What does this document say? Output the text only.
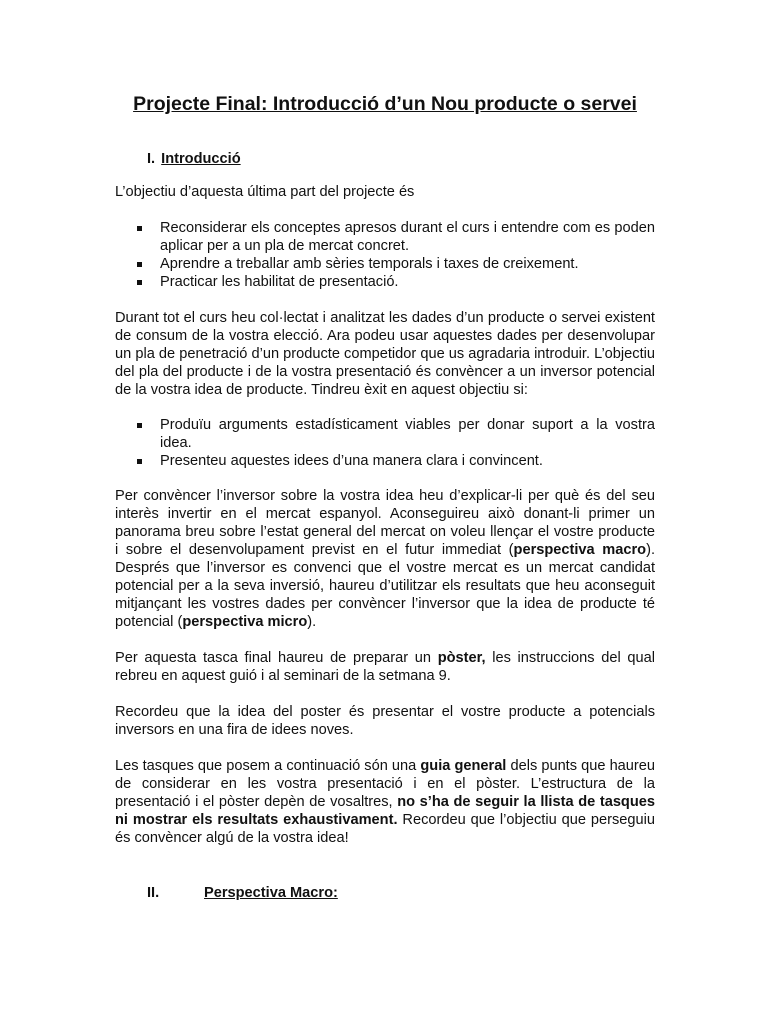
Projecte Final: Introducció d’un Nou producte o servei
I. Introducció

L’objectiu d’aquesta última part del projecte és

Reconsiderar els conceptes apresos durant el curs i entendre com es poden aplicar per a un pla de mercat concret.
Aprendre a treballar amb sèries temporals i taxes de creixement.
Practicar les habilitat de presentació.

Durant tot el curs heu col·lectat i analitzat les dades d’un producte o servei existent de consum de la vostra elecció. Ara podeu usar aquestes dades per desenvolupar un pla de penetració d’un producte competidor que us agradaria introduir. L’objectiu del pla del producte i de la vostra presentació és convèncer a un inversor potencial de la vostra idea de producte. Tindreu èxit en aquest objectiu si:

Produïu arguments estadísticament viables per donar suport a la vostra idea.
Presenteu aquestes idees d’una manera clara i convincent.

Per convèncer l’inversor sobre la vostra idea heu d’explicar-li per què és del seu interès invertir en el mercat espanyol. Aconseguireu això donant-li primer un panorama breu sobre l’estat general del mercat on voleu llençar el vostre producte i sobre el desenvolupament previst en el futur immediat (perspectiva macro). Després que l’inversor es convenci que el vostre mercat es un mercat candidat potencial per a la seva inversió, haureu d’utilitzar els resultats que heu aconseguit mitjançant les vostres dades per convèncer l’inversor que la idea de producte té potencial (perspectiva micro).

Per aquesta tasca final haureu de preparar un pòster, les instruccions del qual rebreu en aquest guió i al seminari de la setmana 9.

Recordeu que la idea del poster és presentar el vostre producte a potencials inversors en una fira de idees noves.

Les tasques que posem a continuació són una guia general dels punts que haureu de considerar en les vostra presentació i en el pòster. L’estructura de la presentació i el pòster depèn de vosaltres, no s’ha de seguir la llista de tasques ni mostrar els resultats exhaustivament. Recordeu que l’objectiu que perseguiu és convèncer algú de la vostra idea!

II.	Perspectiva Macro:
